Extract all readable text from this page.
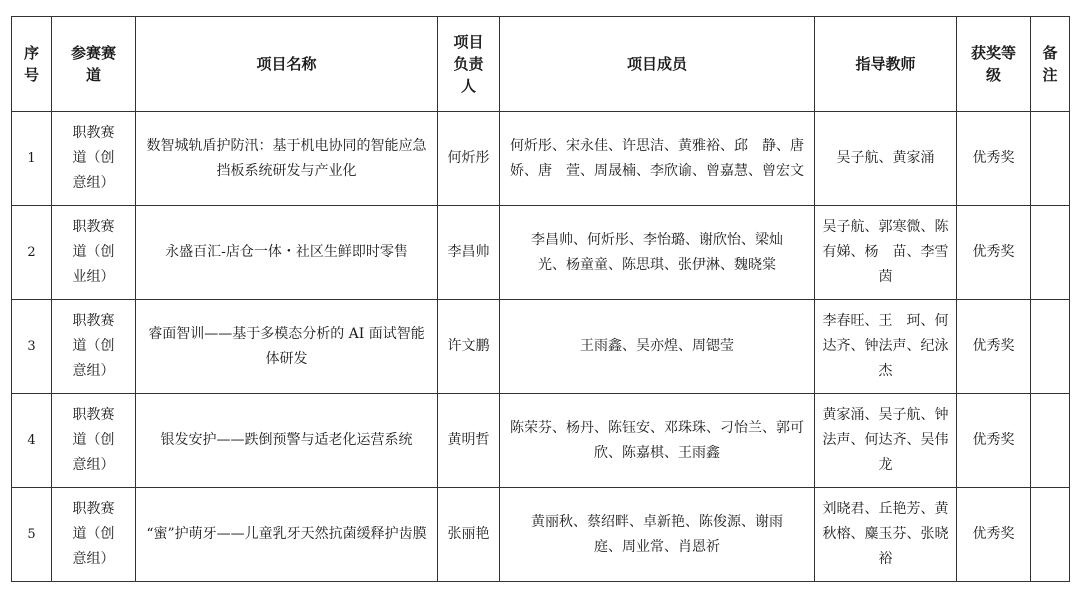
序号	参赛赛道	项目名称	项目负责人	项目成员	指导教师	获奖等级	备注
1	职教赛道（创意组）	数智城轨盾护防汛：基于机电协同的智能应急挡板系统研发与产业化	何炘彤	何炘彤、宋永佳、许思洁、黄雅裕、邱　静、唐　娇、唐　萱、周晟楠、李欣谕、曾嘉慧、曾宏文	吴子航、黄家涌	优秀奖	
2	职教赛道（创业组）	永盛百汇-店仓一体・社区生鲜即时零售	李昌帅	李昌帅、何炘彤、李怡璐、谢欣怡、梁灿光、杨童童、陈思琪、张伊淋、魏晓棠	吴子航、郭寒微、陈有娣、杨　苗、李雪茵	优秀奖	
3	职教赛道（创意组）	睿面智训——基于多模态分析的 AI 面试智能体研发	许文鹏	王雨鑫、吴亦煌、周锶莹	李春旺、王　珂、何达齐、钟法声、纪泳杰	优秀奖	
4	职教赛道（创意组）	银发安护——跌倒预警与适老化运营系统	黄明哲	陈荣芬、杨丹、陈钰安、邓珠珠、刁怡兰、郭可欣、陈嘉棋、王雨鑫	黄家涌、吴子航、钟法声、何达齐、吴伟龙	优秀奖	
5	职教赛道（创意组）	“蜜”护萌牙——儿童乳牙天然抗菌缓释护齿膜	张丽艳	黄丽秋、蔡绍畔、卓新艳、陈俊源、谢雨庭、周业常、肖恩祈	刘晓君、丘艳芳、黄秋榕、麋玉芬、张晓裕	优秀奖	
